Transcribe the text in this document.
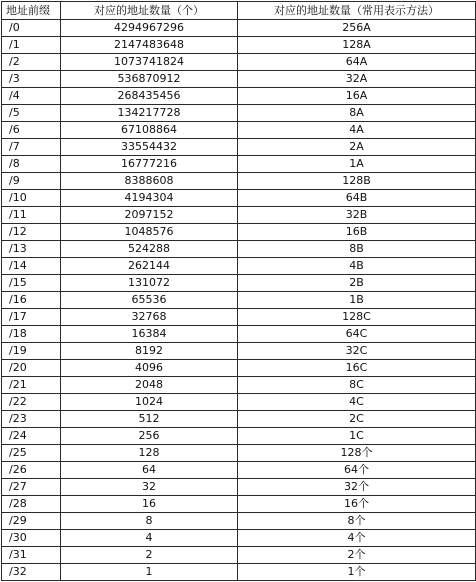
地址前缀	对应的地址数量（个）	对应的地址数量（常用表示方法）
/0	4294967296	256A
/1	2147483648	128A
/2	1073741824	64A
/3	536870912	32A
/4	268435456	16A
/5	134217728	8A
/6	67108864	4A
/7	33554432	2A
/8	16777216	1A
/9	8388608	128B
/10	4194304	64B
/11	2097152	32B
/12	1048576	16B
/13	524288	8B
/14	262144	4B
/15	131072	2B
/16	65536	1B
/17	32768	128C
/18	16384	64C
/19	8192	32C
/20	4096	16C
/21	2048	8C
/22	1024	4C
/23	512	2C
/24	256	1C
/25	128	128个
/26	64	64个
/27	32	32个
/28	16	16个
/29	8	8个
/30	4	4个
/31	2	2个
/32	1	1个
